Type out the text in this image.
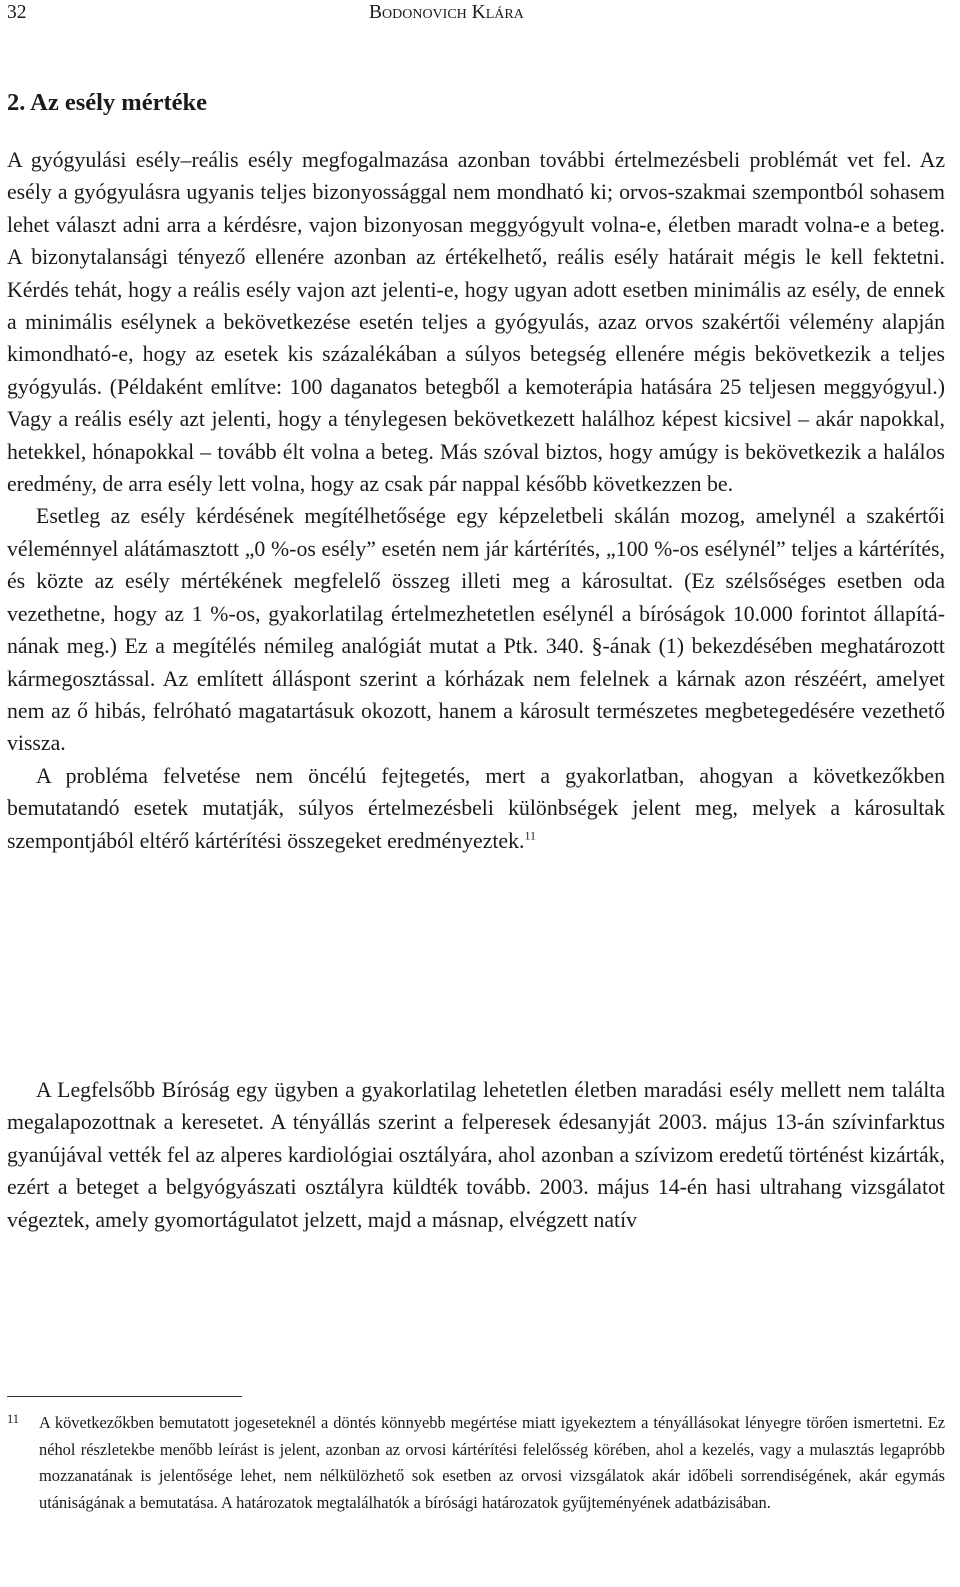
32	Bodonovich Klára
2. Az esély mértéke

A gyógyulási esély–reális esély megfogalmazása azonban további értelmezésbeli problémát vet fel. Az esély a gyógyulásra ugyanis teljes bizonyossággal nem mondható ki; orvos-szakmai szempontból sohasem lehet választ adni arra a kérdésre, vajon bizonyosan meggyógyult volna-e, életben maradt volna-e a beteg. A bizonytalansági tényező ellenére azonban az értékelhető, reális esély határait mégis le kell fektetni. Kérdés tehát, hogy a reális esély vajon azt jelenti-e, hogy ugyan adott esetben minimális az esély, de ennek a minimális esélynek a bekövetkezése esetén teljes a gyógyulás, azaz orvos szakértői vélemény alapján kimondható-e, hogy az esetek kis százalékában a súlyos betegség ellenére mégis bekövetkezik a teljes gyógyulás. (Példaként említve: 100 daganatos betegből a kemoterápia hatására 25 teljesen meggyógyul.) Vagy a reális esély azt jelenti, hogy a ténylegesen bekövetkezett halálhoz képest kicsivel – akár napokkal, hetekkel, hónapokkal – tovább élt volna a beteg. Más szóval biztos, hogy amúgy is bekövetkezik a halálos eredmény, de arra esély lett volna, hogy az csak pár nappal később következzen be.

Esetleg az esély kérdésének megítélhetősége egy képzeletbeli skálán mozog, amelynél a szakértői véleménnyel alátámasztott „0 %-os esély” esetén nem jár kártérítés, „100 %-os esélynél” teljes a kártérítés, és közte az esély mértékének megfelelő összeg illeti meg a károsultat. (Ez szélsőséges esetben oda vezethetne, hogy az 1 %-os, gyakorlatilag értelmezhetetlen esélynél a bíróságok 10.000 forintot állapítánának meg.) Ez a megítélés némileg analógiát mutat a Ptk. 340. §-ának (1) bekezdésében meghatározott kármegosztással. Az említett álláspont szerint a kórházak nem felelnek a kárnak azon részéért, amelyet nem az ő hibás, felróható magatartásuk okozott, hanem a károsult természetes megbetegedésére vezethető vissza.

A probléma felvetése nem öncélú fejtegetés, mert a gyakorlatban, ahogyan a következőkben bemutatandó esetek mutatják, súlyos értelmezésbeli különbségek jelent meg, melyek a károsultak szempontjából eltérő kártérítési összegeket eredményeztek.$^{11}$

A Legfelsőbb Bíróság egy ügyben a gyakorlatilag lehetetlen életben maradási esély mellett nem találta megalapozottnak a keresetet. A tényállás szerint a felperesek édesanyját 2003. május 13-án szívinfarktus gyanújával vették fel az alperes kardiológiai osztályára, ahol azonban a szívizom eredetű történést kizárták, ezért a beteget a belgyógyászati osztályra küldték tovább. 2003. május 14-én hasi ultrahang vizsgálatot végeztek, amely gyomortágulatot jelzett, majd a másnap, elvégzett natív

11 A következőkben bemutatott jogeseteknél a döntés könnyebb megértése miatt igyekeztem a tényállásokat lényegre törően ismertetni. Ez néhol részletekbe menőbb leírást is jelent, azonban az orvosi kártérítési felelősség körében, ahol a kezelés, vagy a mulasztás legapróbb mozzanatának is jelentősége lehet, nem nélkülözhető sok esetben az orvosi vizsgálatok akár időbeli sorrendiségének, akár egymás utániságának a bemutatása. A határozatok megtalálhatók a bírósági határozatok gyűjteményének adatbázisában.
